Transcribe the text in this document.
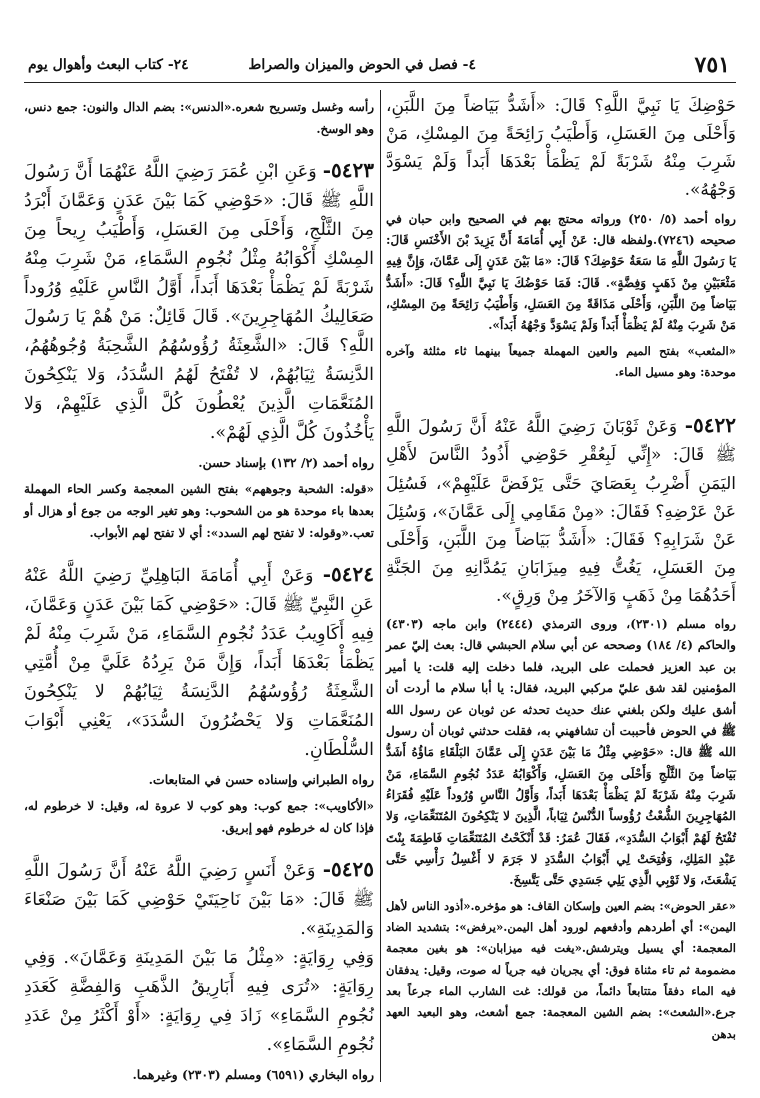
٧٥١
٤- فصل في الحوض والميزان والصراط
٢٤- كتاب البعث وأهوال يوم

حَوْضِكَ يَا نَبِيَّ اللَّهِ؟ قَالَ: «أَشَدُّ بَيَاضاً مِنَ اللَّبَنِ، وَأَحْلَى مِنَ العَسَلِ، وَأَطْيَبُ رَائِحَةً مِنَ المِسْكِ، مَنْ شَرِبَ مِنْهُ شَرْبَةً لَمْ يَظْمَأْ بَعْدَهَا أَبَداً وَلَمْ يَسْوَدَّ وَجْهُهُ».

رواه أحمد (٥/ ٢٥٠) ورواته محتج بهم في الصحيح وابن حبان في صحيحه (٧٢٤٦).ولفظه قال: عَنْ أَبِي أُمَامَةَ أَنَّ يَزِيدَ بْنَ الأَخْنَسِ قَالَ: يَا رَسُولَ اللَّهِ مَا سَعَةُ حَوْضِكَ؟ قَالَ: «مَا بَيْنَ عَدَنٍ إِلَى عَمَّانَ، وَإِنَّ فِيهِ مَثْعَبَيْنِ مِنْ ذَهَبٍ وَفِضَّةٍ». قَالَ: فَمَا حَوْضُكَ يَا نَبِيَّ اللَّهِ؟ قَالَ: «أَشَدُّ بَيَاضاً مِنَ اللَّبَنِ، وَأَحْلَى مَذَاقَةً مِنَ العَسَلِ، وَأَطْيَبُ رَائِحَةً مِنَ المِسْكِ، مَنْ شَرِبَ مِنْهُ لَمْ يَظْمَأْ أَبَداً وَلَمْ يَسْوَدَّ وَجْهُهُ أَبَداً».

«المثعب» بفتح الميم والعين المهملة جميعاً بينهما ثاء مثلثة وآخره موحدة: وهو مسيل الماء.

٥٤٢٢- وَعَنْ ثَوْبَانَ رَضِيَ اللَّهُ عَنْهُ أَنَّ رَسُولَ اللَّهِ ﷺ قَالَ: «إِنِّي لَبِعُقْرِ حَوْضِي أَذُودُ النَّاسَ لأَهْلِ اليَمَنِ أَضْرِبُ بِعَصَايَ حَتَّى يَرْفَضَّ عَلَيْهِمْ»، فَسُئِلَ عَنْ عَرْضِهِ؟ فَقَالَ: «مِنْ مَقَامِي إِلَى عَمَّانَ»، وَسُئِلَ عَنْ شَرَابِهِ؟ فَقَالَ: «أَشَدُّ بَيَاضاً مِنَ اللَّبَنِ، وَأَحْلَى مِنَ العَسَلِ، يَغُتُّ فِيهِ مِيزَابَانِ يَمُدَّانِهِ مِنَ الجَنَّةِ أَحَدُهُمَا مِنْ ذَهَبٍ وَالآخَرُ مِنْ وَرِقٍ».

رواه مسلم (٢٣٠١)، وروى الترمذي (٢٤٤٤) وابن ماجه (٤٣٠٣) والحاكم (٤/ ١٨٤) وصححه عن أبي سلام الحبشي قال: بعث إليّ عمر بن عبد العزيز فحملت على البريد، فلما دخلت إليه قلت: يا أمير المؤمنين لقد شق عليّ مركبي البريد، فقال: يا أبا سلام ما أردت أن أشق عليك ولكن بلغني عنك حديث تحدثه عن ثوبان عن رسول الله ﷺ في الحوض فأحببت أن تشافهني به، فقلت حدثني ثوبان أن رسول الله ﷺ قال: «حَوْضِي مِثْلُ مَا بَيْنَ عَدَنٍ إِلَى عَمَّانَ البَلْقَاءِ مَاؤُهُ أَشَدُّ بَيَاضاً مِنَ الثَّلْجِ وَأَحْلَى مِنَ العَسَلِ، وَأَكْوَابُهُ عَدَدُ نُجُومِ السَّمَاءِ، مَنْ شَرِبَ مِنْهُ شَرْبَةً لَمْ يَظْمَأْ بَعْدَهَا أَبَداً، وَأَوَّلُ النَّاسِ وُرُوداً عَلَيْهِ فُقَرَاءُ المُهَاجِرِينَ الشُّعْثُ رُؤُوساً الدُّنْسُ ثِيَاباً، الَّذِينَ لا يَنْكِحُونَ المُتَنَعِّمَاتِ، وَلا تُفْتَحُ لَهُمْ أَبْوَابُ السُّدَدِ»، فَقَالَ عُمَرُ: قَدْ أَنْكَحْتُ المُتَنَعِّمَاتِ فَاطِمَةَ بِنْتَ عَبْدِ المَلِكِ، وَفُتِحَتْ لِي أَبْوَابُ السُّدَدِ لا جَرَمَ لا أَغْسِلُ رَأْسِي حَتَّى يَشْعَثَ، وَلا ثَوْبِي الَّذِي يَلِي جَسَدِي حَتَّى يَتَّسِخَ.

«عقر الحوض»: بضم العين وإسكان القاف: هو مؤخره.«أذود الناس لأهل اليمن»: أي أطردهم وأدفعهم لورود أهل اليمن.«يرفض»: بتشديد الضاد المعجمة: أي يسيل ويترشش.«يغت فيه ميزابان»: هو بغين معجمة مضمومة ثم تاء مثناة فوق: أي يجريان فيه جرياً له صوت، وقيل: يدفقان فيه الماء دفقاً متتابعاً دائماً، من قولك: غت الشارب الماء جرعاً بعد جرع.«الشعث»: بضم الشين المعجمة: جمع أشعث، وهو البعيد العهد بدهن

رأسه وغسل وتسريح شعره.«الدنس»: بضم الدال والنون: جمع دنس، وهو الوسخ.

٥٤٢٣- وَعَنِ ابْنِ عُمَرَ رَضِيَ اللَّهُ عَنْهُمَا أَنَّ رَسُولَ اللَّهِ ﷺ قَالَ: «حَوْضِي كَمَا بَيْنَ عَدَنٍ وَعَمَّانَ أَبْرَدُ مِنَ الثَّلْجِ، وَأَحْلَى مِنَ العَسَلِ، وَأَطْيَبُ رِيحاً مِنَ المِسْكِ أَكْوَابُهُ مِثْلُ نُجُومِ السَّمَاءِ، مَنْ شَرِبَ مِنْهُ شَرْبَةً لَمْ يَظْمَأْ بَعْدَهَا أَبَداً، أَوَّلُ النَّاسِ عَلَيْهِ وُرُوداً صَعَالِيكُ المُهَاجِرِينَ». قَالَ قَائِلٌ: مَنْ هُمْ يَا رَسُولَ اللَّهِ؟ قَالَ: «الشَّعِثَةُ رُؤُوسُهُمُ الشَّحِبَةُ وُجُوهُهُمُ، الدَّنِسَةُ ثِيَابُهُمْ، لا تُفْتَحُ لَهُمُ السُّدَدُ، وَلا يَنْكِحُونَ المُنَعَّمَاتِ الَّذِينَ يُعْطُونَ كُلَّ الَّذِي عَلَيْهِمْ، وَلا يَأْخُذُونَ كُلَّ الَّذِي لَهُمْ».

رواه أحمد (٢/ ١٣٢) بإسناد حسن.

«قوله: الشحبة وجوههم» بفتح الشين المعجمة وكسر الحاء المهملة بعدها باء موحدة هو من الشحوب: وهو تغير الوجه من جوع أو هزال أو تعب.«وقوله: لا تفتح لهم السدد»: أي لا تفتح لهم الأبواب.

٥٤٢٤- وَعَنْ أَبِي أُمَامَةَ البَاهِلِيِّ رَضِيَ اللَّهُ عَنْهُ عَنِ النَّبِيِّ ﷺ قَالَ: «حَوْضِي كَمَا بَيْنَ عَدَنٍ وَعَمَّانَ، فِيهِ أَكَاوِيبُ عَدَدُ نُجُومِ السَّمَاءِ، مَنْ شَرِبَ مِنْهُ لَمْ يَظْمَأْ بَعْدَهَا أَبَداً، وَإِنَّ مَنْ يَرِدُهُ عَلَيَّ مِنْ أُمَّتِي الشَّعِثَةُ رُؤُوسُهُمُ الدَّنِسَةُ ثِيَابُهُمْ لا يَنْكِحُونَ المُنَعَّمَاتِ وَلا يَحْضُرُونَ السُّدَدَ»، يَعْنِي أَبْوَابَ السُّلْطَانِ.

رواه الطبراني وإسناده حسن في المتابعات.

«الأكاويب»: جمع كوب: وهو كوب لا عروة له، وقيل: لا خرطوم له، فإذا كان له خرطوم فهو إبريق.

٥٤٢٥- وَعَنْ أَنَسٍ رَضِيَ اللَّهُ عَنْهُ أَنَّ رَسُولَ اللَّهِ ﷺ قَالَ: «مَا بَيْنَ نَاحِيَتَيْ حَوْضِي كَمَا بَيْنَ صَنْعَاءَ وَالمَدِينَةِ».

وَفِي رِوَايَةٍ: «مِثْلُ مَا بَيْنَ المَدِينَةِ وَعَمَّانَ». وَفِي رِوَايَةٍ: «تُرَى فِيهِ أَبَارِيقُ الذَّهَبِ وَالفِضَّةِ كَعَدَدِ نُجُومِ السَّمَاءِ» زَادَ فِي رِوَايَةٍ: «أَوْ أَكْثَرُ مِنْ عَدَدِ نُجُومِ السَّمَاءِ».

رواه البخاري (٦٥٩١) ومسلم (٢٣٠٣) وغيرهما.
